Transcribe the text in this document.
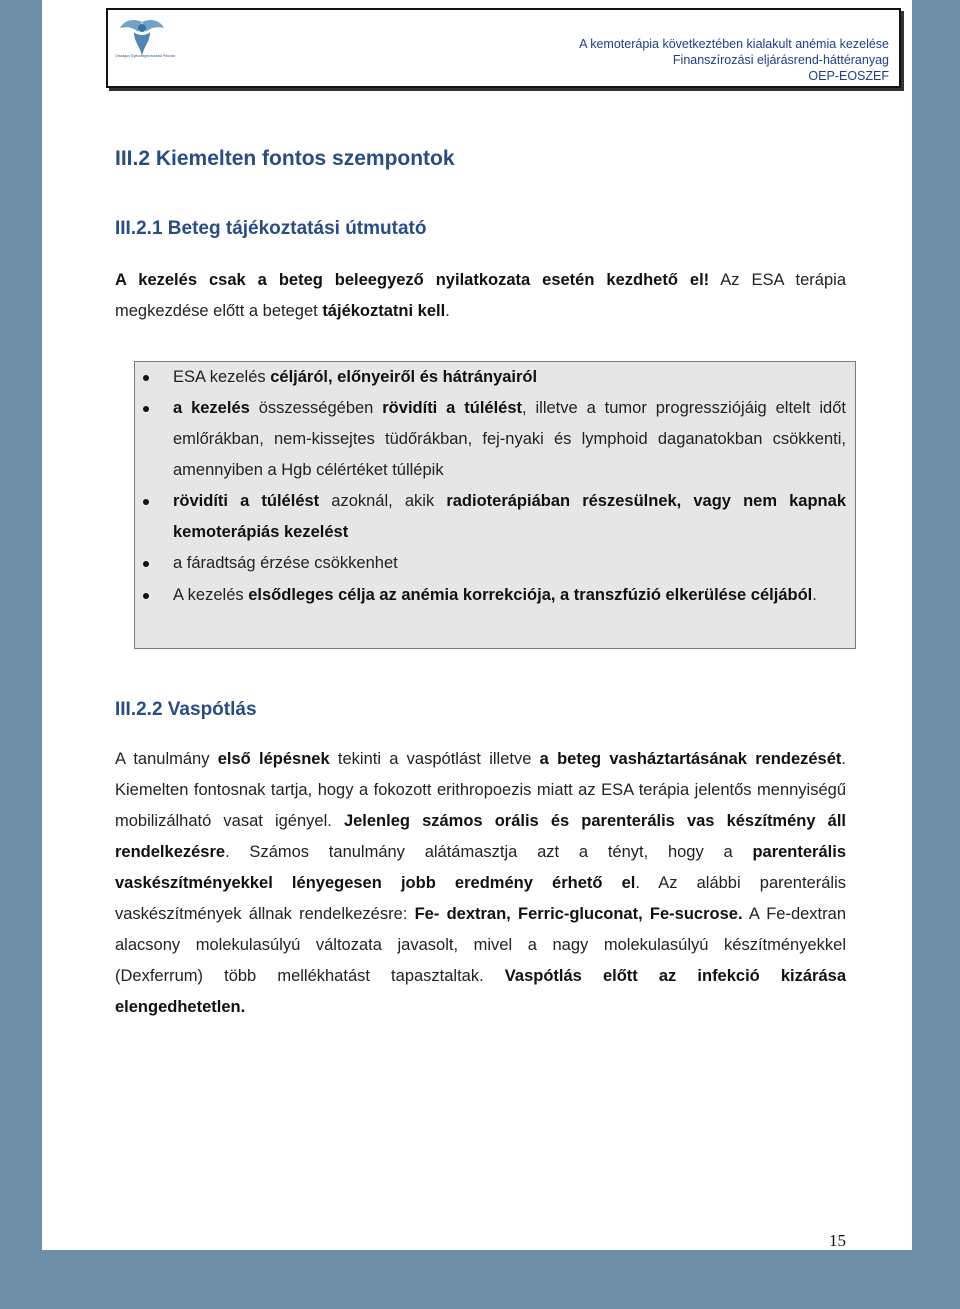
Országos Egészségbiztosítási Pénztár
A kemoterápia következtében kialakult anémia kezelése
Finanszírozási eljárásrend-háttéranyag
OEP-EOSZEF
III.2 Kiemelten fontos szempontok
III.2.1 Beteg tájékoztatási útmutató
A kezelés csak a beteg beleegyező nyilatkozata esetén kezdhető el! Az ESA terápia megkezdése előtt a beteget tájékoztatni kell.
ESA kezelés céljáról, előnyeiről és hátrányairól
a kezelés összességében rövidíti a túlélést, illetve a tumor progressziójáig eltelt időt emlőrákban, nem-kissejtes tüdőrákban, fej-nyaki és lymphoid daganatokban csökkenti, amennyiben a Hgb célértéket túllépik
rövidíti a túlélést azoknál, akik radioterápiában részesülnek, vagy nem kapnak kemoterápiás kezelést
a fáradtság érzése csökkenhet
A kezelés elsődleges célja az anémia korrekciója, a transzfúzió elkerülése céljából.
III.2.2 Vaspótlás
A tanulmány első lépésnek tekinti a vaspótlást illetve a beteg vasháztartásának rendezését. Kiemelten fontosnak tartja, hogy a fokozott erithropoezis miatt az ESA terápia jelentős mennyiségű mobilizálható vasat igényel. Jelenleg számos orális és parenterális vas készítmény áll rendelkezésre. Számos tanulmány alátámasztja azt a tényt, hogy a parenterális vaskészítményekkel lényegesen jobb eredmény érhető el. Az alábbi parenterális vaskészítmények állnak rendelkezésre: Fe- dextran, Ferric-gluconat, Fe-sucrose. A Fe-dextran alacsony molekulasúlyú változata javasolt, mivel a nagy molekulasúlyú készítményekkel (Dexferrum) több mellékhatást tapasztaltak. Vaspótlás előtt az infekció kizárása elengedhetetlen.
15
